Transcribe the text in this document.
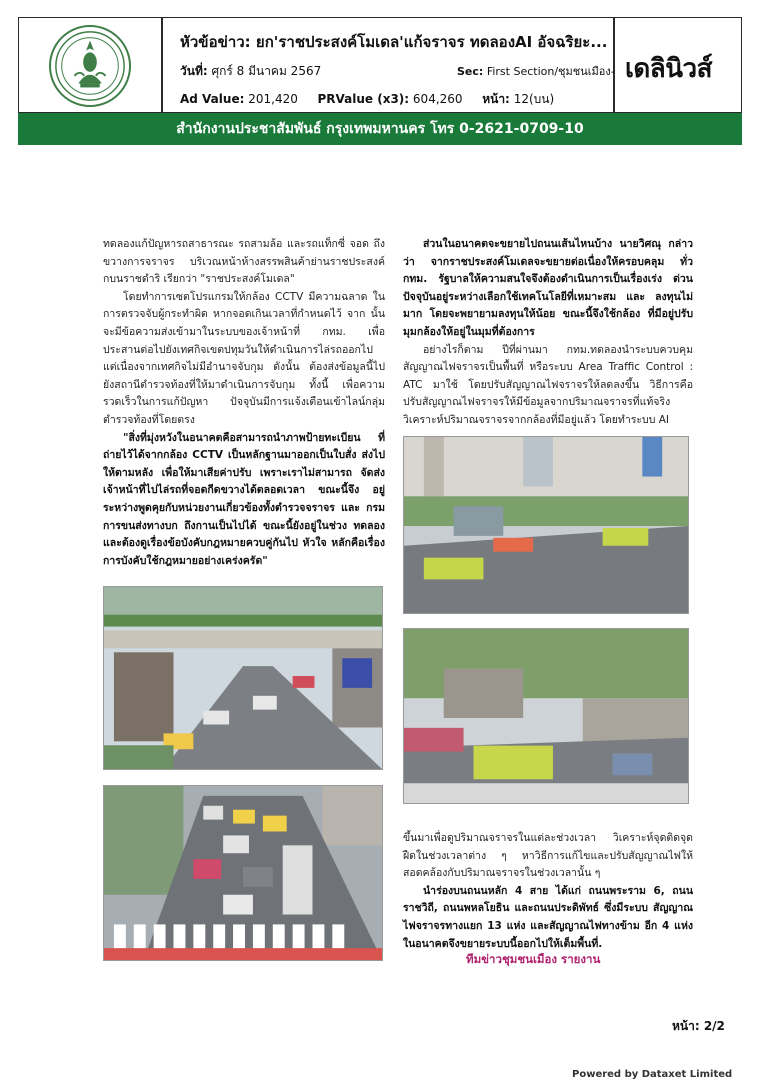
หัวข้อข่าว: ยก'ราชประสงค์โมเดล'แก้จราจร ทดลองAI อัจฉริยะ...
วันที่: ศุกร์ 8 มีนาคม 2567	Sec: First Section/ชุมชนเมือง-
Ad Value: 201,420 PRValue (x3): 604,260 หน้า: 12(บน)
เดลินิวส์
สำนักงานประชาสัมพันธ์ กรุงเทพมหานคร โทร 0-2621-0709-10

ทดลองแก้ปัญหารถสาธารณะ รถสามล้อ และรถแท็กซี่ จอด ถึงขวางการจราจร บริเวณหน้าห้างสรรพสินค้าย่านราชประสงค์ กบนราชดำริ เรียกว่า "ราชประสงค์โมเดล"

โดยทำการเซตโปรแกรมให้กล้อง CCTV มีความฉลาด ในการตรวจจับผู้กระทำผิด หากจอดเกินเวลาที่กำหนดไว้ จาก นั้นจะมีข้อความส่งเข้ามาในระบบของเจ้าหน้าที่ กทม. เพื่อ ประสานต่อไปยังเทศกิจเขตปทุมวันให้ดำเนินการไล่รถออกไป แต่เนื่องจากเทศกิจไม่มีอำนาจจับกุม ดังนั้น ต้องส่งข้อมูลนี้ไป ยังสถานีตำรวจท้องที่ให้มาดำเนินการจับกุม ทั้งนี้ เพื่อความ รวดเร็วในการแก้ปัญหา ปัจจุบันมีการแจ้งเตือนเข้าไลน์กลุ่ม ตำรวจท้องที่โดยตรง

"สิ่งที่มุ่งหวังในอนาคตคือสามารถนำภาพป้ายทะเบียน ที่ถ่ายไว้ได้จากกล้อง CCTV เป็นหลักฐานมาออกเป็นใบสั่ง ส่งไปให้ตามหลัง เพื่อให้มาเสียค่าปรับ เพราะเราไม่สามารถ จัดส่งเจ้าหน้าที่ไปไล่รถที่จอดกีดขวางได้ตลอดเวลา ขณะนี้จึง อยู่ระหว่างพูดคุยกับหน่วยงานเกี่ยวข้องทั้งตำรวจจราจร และ กรมการขนส่งทางบก ถึงกานเป็นไปได้ ขณะนี้ยังอยู่ในช่วง ทดลอง และต้องดูเรื่องข้อบังคับกฎหมายควบคู่กันไป หัวใจ หลักคือเรื่องการบังคับใช้กฎหมายอย่างเคร่งครัด"

ส่วนในอนาคตจะขยายไปถนนเส้นไหนบ้าง นายวิศณุ กล่าวว่า จากราชประสงค์โมเดลจะขยายต่อเนื่องให้ครอบคลุม ทั่ว กทม. รัฐบาลให้ความสนใจจึงต้องดำเนินการเป็นเรื่องเร่ง ด่วน ปัจจุบันอยู่ระหว่างเลือกใช้เทคโนโลยีที่เหมาะสม และ ลงทุนไม่มาก โดยจะพยายามลงทุนให้น้อย ขณะนี้จึงใช้กล้อง ที่มีอยู่ปรับมุมกล้องให้อยู่ในมุมที่ต้องการ

อย่างไรก็ตาม ปีที่ผ่านมา กทม.ทดลองนำระบบควบคุม สัญญาณไฟจราจรเป็นพื้นที่ หรือระบบ Area Traffic Control : ATC มาใช้ โดยปรับสัญญาณไฟจราจรให้ลดลงขึ้น วิธีการคือ ปรับสัญญาณไฟจราจรให้มีข้อมูลจากปริมาณจราจรที่แท้จริง วิเคราะห์ปริมาณจราจรจากกล้องที่มีอยู่แล้ว โดยทำระบบ AI

ขึ้นมาเพื่อดูปริมาณจราจรในแต่ละช่วงเวลา วิเคราะห์จุดติดจุด ฝืดในช่วงเวลาต่าง ๆ หาวิธีการแก้ไขและปรับสัญญาณไฟให้ สอดคล้องกับปริมาณจราจรในช่วงเวลานั้น ๆ

นำร่องบนถนนหลัก 4 สาย ได้แก่ ถนนพระราม 6, ถนนราชวิถี, ถนนพหลโยธิน และถนนประดิพัทธ์ ซึ่งมีระบบ สัญญาณไฟจราจรทางแยก 13 แห่ง และสัญญาณไฟทางข้าม อีก 4 แห่ง ในอนาคตจึงขยายระบบนี้ออกไปให้เต็มพื้นที่.

ทีมข่าวชุมชนเมือง รายงาน
หน้า: 2/2
Powered by Dataxet Limited
